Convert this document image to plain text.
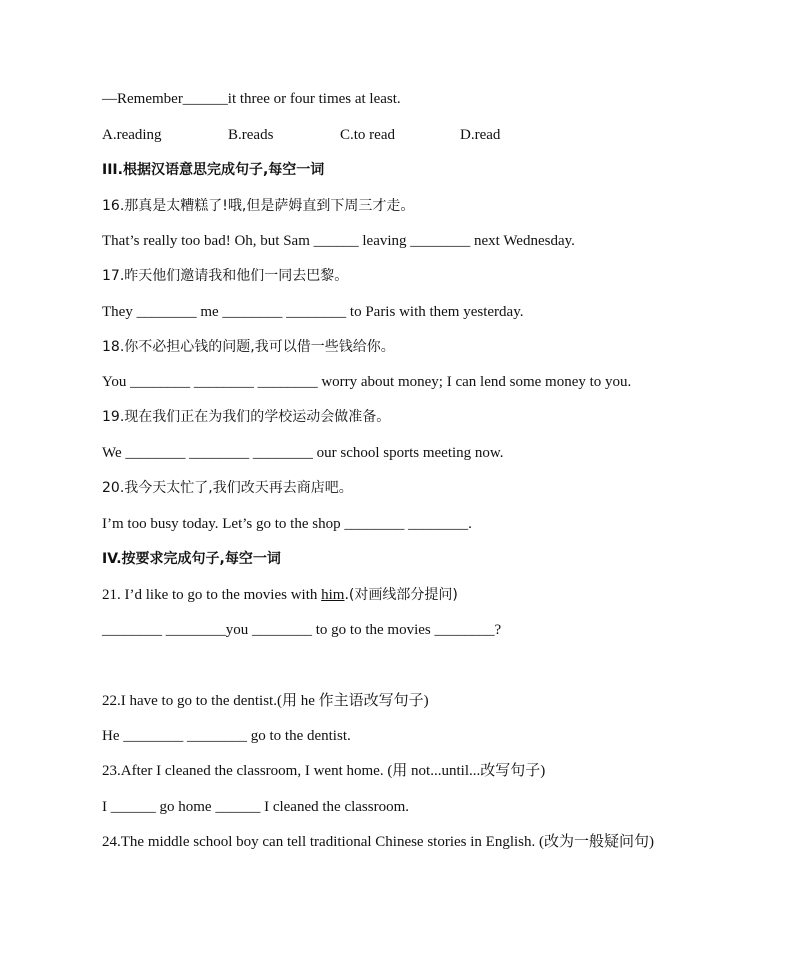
—Remember______it three or four times at least.
A.reading	B.reads	C.to read	D.read
III.根据汉语意思完成句子,每空一词
16.那真是太糟糕了!哦,但是萨姆直到下周三才走。
That’s really too bad! Oh, but Sam ______ leaving ________ next Wednesday.
17.昨天他们邀请我和他们一同去巴黎。
They ________ me ________ ________ to Paris with them yesterday.
18.你不必担心钱的问题,我可以借一些钱给你。
You ________ ________ ________ worry about money; I can lend some money to you.
19.现在我们正在为我们的学校运动会做准备。
We ________ ________ ________ our school sports meeting now.
20.我今天太忙了,我们改天再去商店吧。
I’m too busy today. Let’s go to the shop ________ ________.
IV.按要求完成句子,每空一词
21. I’d like to go to the movies with him.(对画线部分提问)
________ ________you ________ to go to the movies ________?
22.I have to go to the dentist.(用 he 作主语改写句子)
He ________ ________ go to the dentist.
23.After I cleaned the classroom, I went home. (用 not...until...改写句子)
I ______ go home ______ I cleaned the classroom.
24.The middle school boy can tell traditional Chinese stories in English. (改为一般疑问句)
